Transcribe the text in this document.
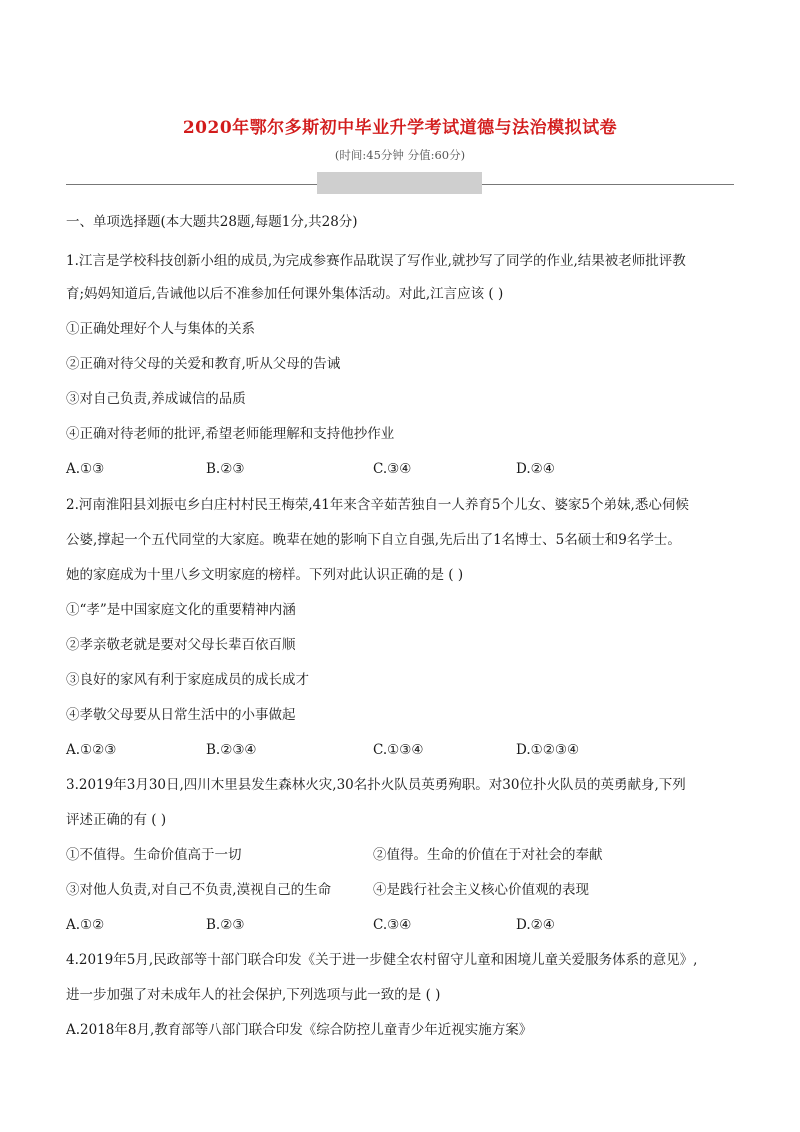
2020年鄂尔多斯初中毕业升学考试道德与法治模拟试卷
(时间:45分钟 分值:60分)
一、单项选择题(本大题共28题,每题1分,共28分)
1.江言是学校科技创新小组的成员,为完成参赛作品耽误了写作业,就抄写了同学的作业,结果被老师批评教
育;妈妈知道后,告诫他以后不准参加任何课外集体活动。对此,江言应该 ( )
①正确处理好个人与集体的关系
②正确对待父母的关爱和教育,听从父母的告诫
③对自己负责,养成诚信的品质
④正确对待老师的批评,希望老师能理解和支持他抄作业
A.①③	B.②③	C.③④	D.②④
2.河南淮阳县刘振屯乡白庄村村民王梅荣,41年来含辛茹苦独自一人养育5个儿女、婆家5个弟妹,悉心伺候
公婆,撑起一个五代同堂的大家庭。晚辈在她的影响下自立自强,先后出了1名博士、5名硕士和9名学士。
她的家庭成为十里八乡文明家庭的榜样。下列对此认识正确的是 ( )
①“孝”是中国家庭文化的重要精神内涵
②孝亲敬老就是要对父母长辈百依百顺
③良好的家风有利于家庭成员的成长成才
④孝敬父母要从日常生活中的小事做起
A.①②③	B.②③④	C.①③④	D.①②③④
3.2019年3月30日,四川木里县发生森林火灾,30名扑火队员英勇殉职。对30位扑火队员的英勇献身,下列
评述正确的有 ( )
①不值得。生命价值高于一切	②值得。生命的价值在于对社会的奉献
③对他人负责,对自己不负责,漠视自己的生命	④是践行社会主义核心价值观的表现
A.①②	B.②③	C.③④	D.②④
4.2019年5月,民政部等十部门联合印发《关于进一步健全农村留守儿童和困境儿童关爱服务体系的意见》,
进一步加强了对未成年人的社会保护,下列选项与此一致的是 ( )
A.2018年8月,教育部等八部门联合印发《综合防控儿童青少年近视实施方案》
